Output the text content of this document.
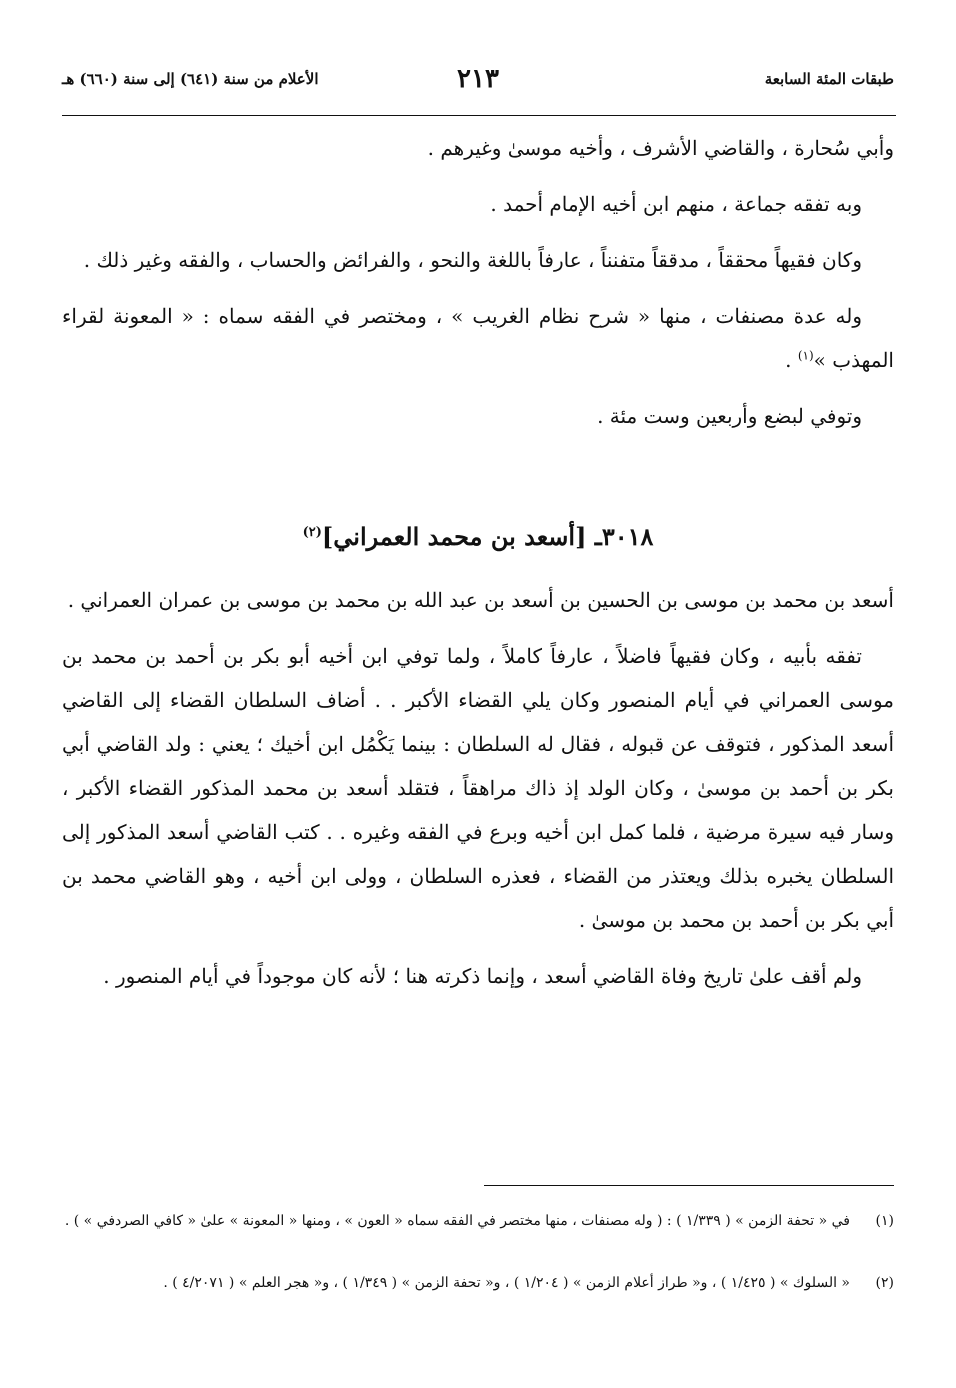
طبقات المئة السابعة
٢١٣
الأعلام من سنة (٦٤١) إلى سنة (٦٦٠) هـ

وأبي سُحارة ، والقاضي الأشرف ، وأخيه موسىٰ وغيرهم .

وبه تفقه جماعة ، منهم ابن أخيه الإمام أحمد .

وكان فقيهاً محققاً ، مدققاً متفنناً ، عارفاً باللغة والنحو ، والفرائض والحساب ، والفقه وغير ذلك .

وله عدة مصنفات ، منها « شرح نظام الغريب » ، ومختصر في الفقه سماه : « المعونة لقراء المهذب »$^{(١)}$ .

وتوفي لبضع وأربعين وست مئة .

٣٠١٨ـ [أسعد بن محمد العمراني]$^{(٢)}$

أسعد بن محمد بن موسى بن الحسين بن أسعد بن عبد الله بن محمد بن موسى بن عمران العمراني .

تفقه بأبيه ، وكان فقيهاً فاضلاً ، عارفاً كاملاً ، ولما توفي ابن أخيه أبو بكر بن أحمد بن محمد بن موسى العمراني في أيام المنصور وكان يلي القضاء الأكبر . . أضاف السلطان القضاء إلى القاضي أسعد المذكور ، فتوقف عن قبوله ، فقال له السلطان : بينما يَكْمُل ابن أخيك ؛ يعني : ولد القاضي أبي بكر بن أحمد بن موسىٰ ، وكان الولد إذ ذاك مراهقاً ، فتقلد أسعد بن محمد المذكور القضاء الأكبر ، وسار فيه سيرة مرضية ، فلما كمل ابن أخيه وبرع في الفقه وغيره . . كتب القاضي أسعد المذكور إلى السلطان يخبره بذلك ويعتذر من القضاء ، فعذره السلطان ، وولى ابن أخيه ، وهو القاضي محمد بن أبي بكر بن أحمد بن محمد بن موسىٰ .

ولم أقف علىٰ تاريخ وفاة القاضي أسعد ، وإنما ذكرته هنا ؛ لأنه كان موجوداً في أيام المنصور .

(١)في « تحفة الزمن » ( ١/٣٣٩ ) : ( وله مصنفات ، منها مختصر في الفقه سماه « العون » ، ومنها « المعونة » علىٰ « كافي الصردفي » ) .
(٢)« السلوك » ( ١/٤٢٥ ) ، و« طراز أعلام الزمن » ( ١/٢٠٤ ) ، و« تحفة الزمن » ( ١/٣٤٩ ) ، و« هجر العلم » ( ٤/٢٠٧١ ) .
